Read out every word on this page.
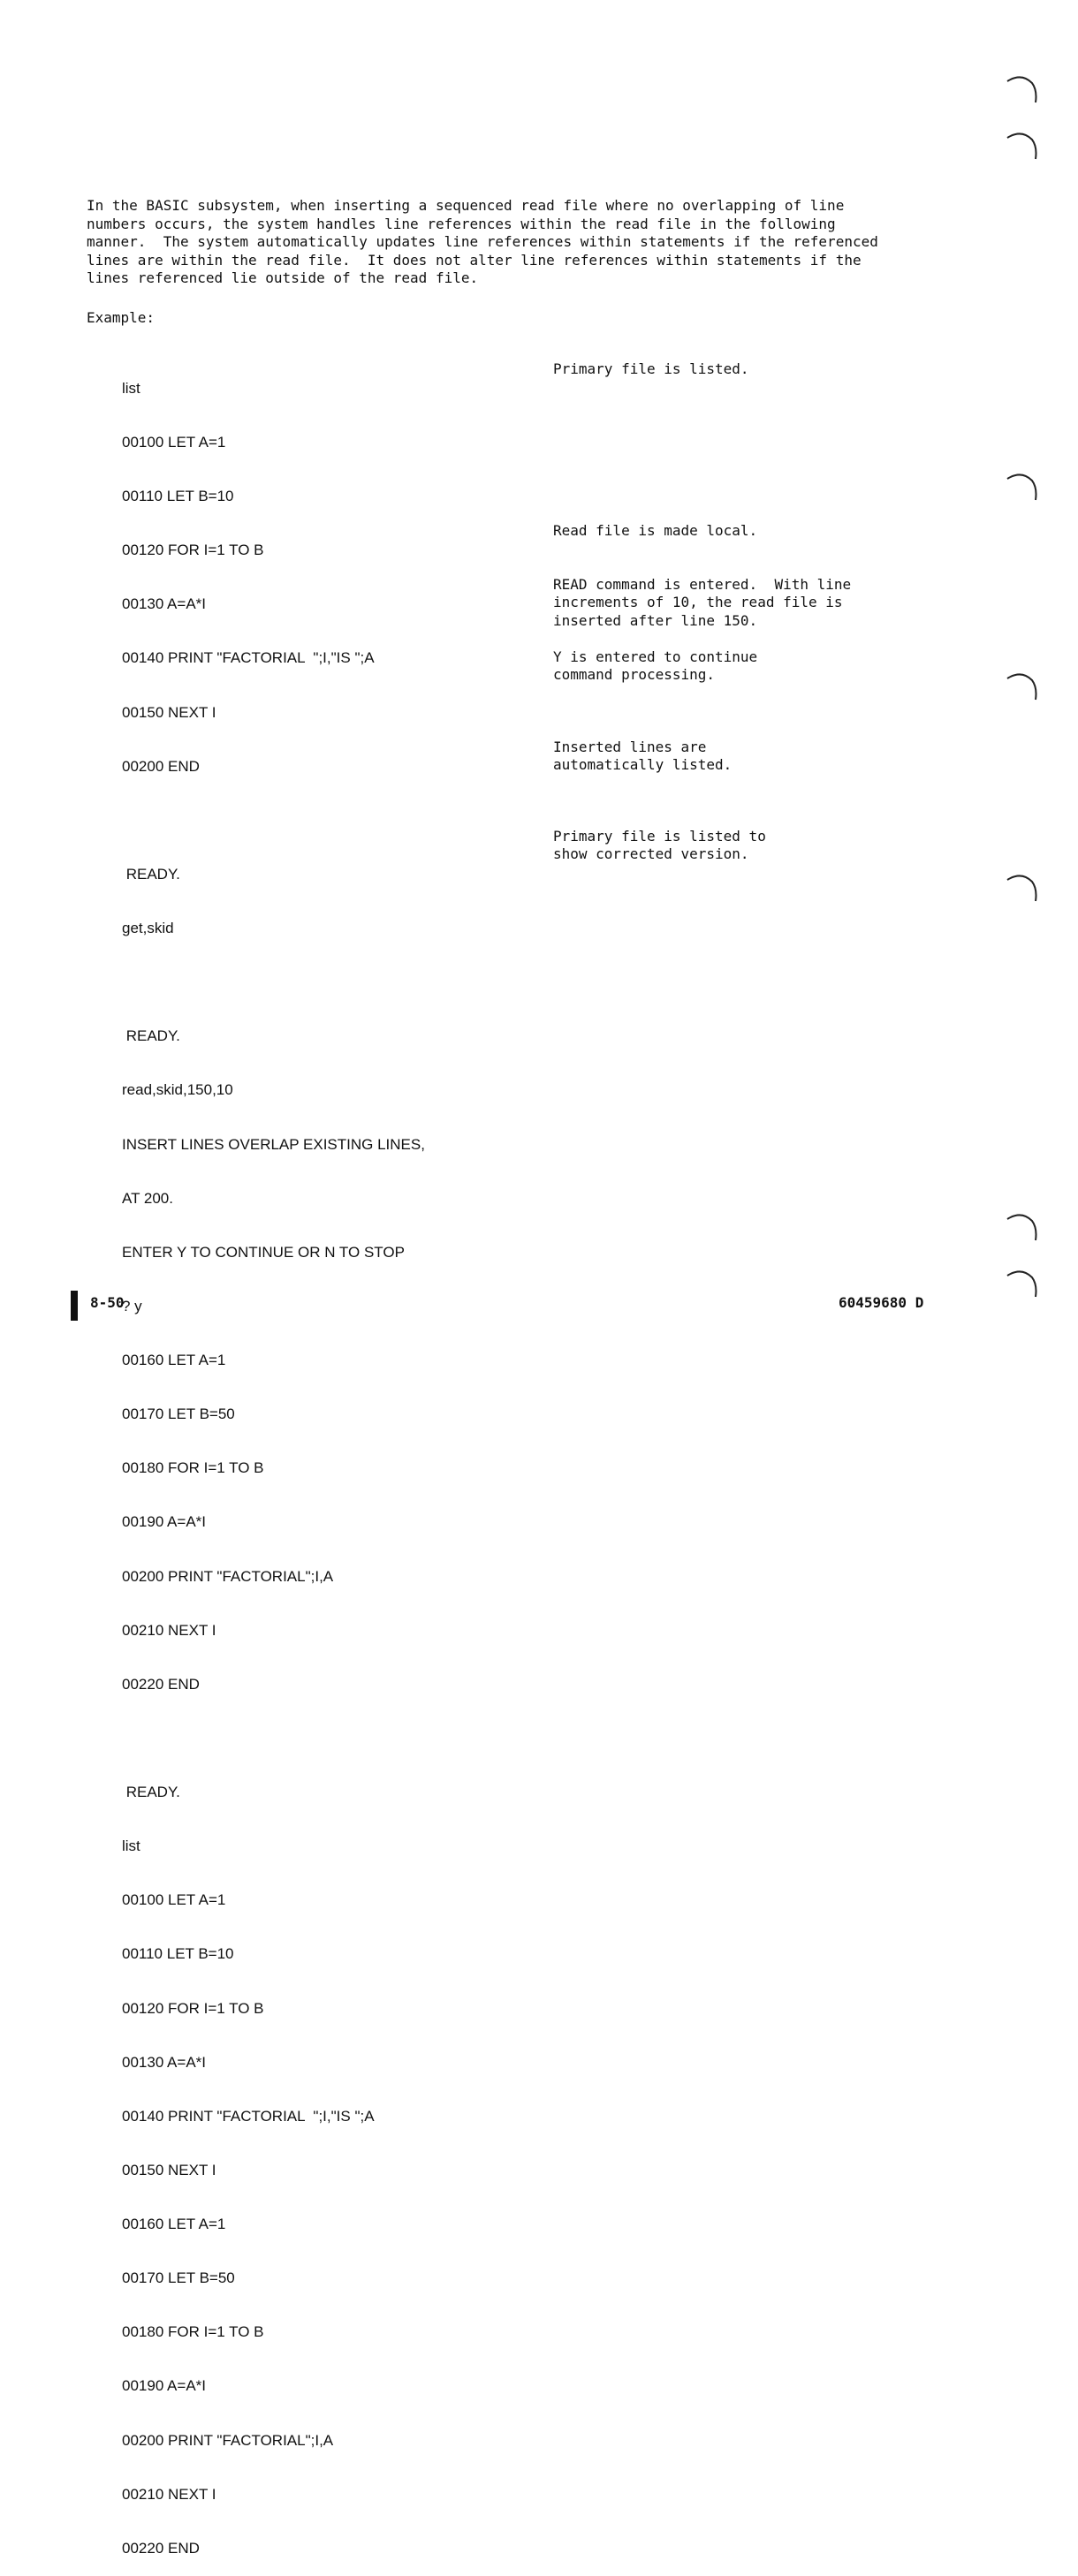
In the BASIC subsystem, when inserting a sequenced read file where no overlapping of line
numbers occurs, the system handles line references within the read file in the following
manner.  The system automatically updates line references within statements if the referenced
lines are within the read file.  It does not alter line references within statements if the
lines referenced lie outside of the read file.
Example:

list

00100 LET A=1

00110 LET B=10

00120 FOR I=1 TO B

00130 A=A*I

00140 PRINT "FACTORIAL  ";I,"IS ";A

00150 NEXT I

00200 END

READY.

get,skid

READY.

read,skid,150,10

INSERT LINES OVERLAP EXISTING LINES,

AT 200.

ENTER Y TO CONTINUE OR N TO STOP

? y

00160 LET A=1

00170 LET B=50

00180 FOR I=1 TO B

00190 A=A*I

00200 PRINT "FACTORIAL";I,A

00210 NEXT I

00220 END

READY.

list

00100 LET A=1

00110 LET B=10

00120 FOR I=1 TO B

00130 A=A*I

00140 PRINT "FACTORIAL  ";I,"IS ";A

00150 NEXT I

00160 LET A=1

00170 LET B=50

00180 FOR I=1 TO B

00190 A=A*I

00200 PRINT "FACTORIAL";I,A

00210 NEXT I

00220 END

Primary file is listed.
Read file is made local.
READ command is entered.  With line
increments of 10, the read file is
inserted after line 150.
Y is entered to continue
command processing.
Inserted lines are
automatically listed.
Primary file is listed to
show corrected version.
8-50	60459680 D
